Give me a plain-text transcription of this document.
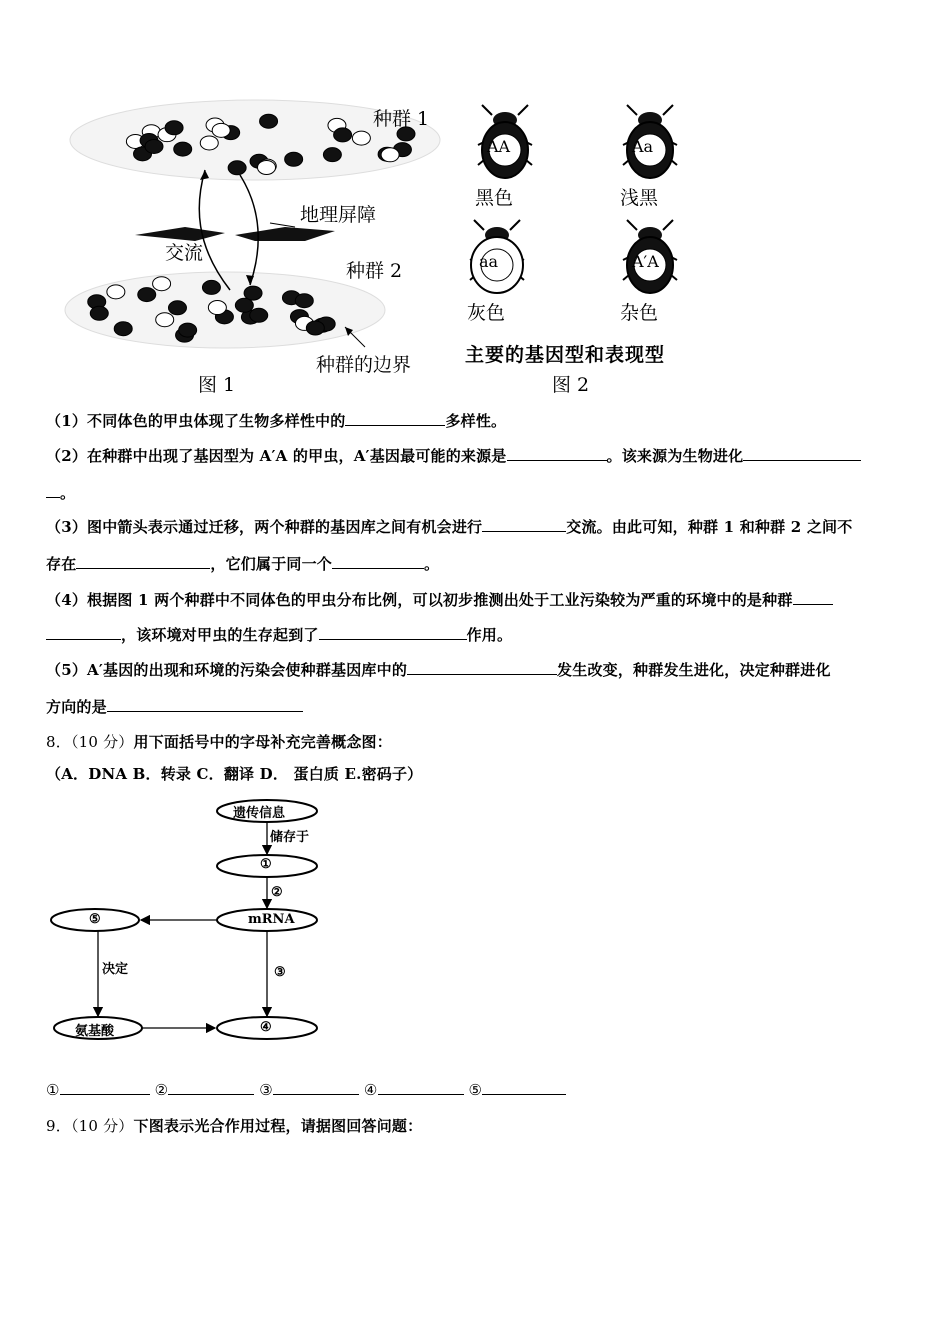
种群 1
地理屏障
交流
种群 2
种群的边界
图 1
AA
黑色
Aa
浅黑
aa
灰色
A′A
杂色
主要的基因型和表现型
图 2
（1）不同体色的甲虫体现了生物多样性中的	多样性。
（2）在种群中出现了基因型为 A′A 的甲虫，A′基因最可能的来源是	。该来源为生物进化
。
（3）图中箭头表示通过迁移，两个种群的基因库之间有机会进行	交流。由此可知，种群 1 和种群 2 之间不
存在	，它们属于同一个	。
（4）根据图 1 两个种群中不同体色的甲虫分布比例，可以初步推测出处于工业污染较为严重的环境中的是种群
，该环境对甲虫的生存起到了	作用。
（5）A′基因的出现和环境的污染会使种群基因库中的	发生改变，种群发生进化，决定种群进化
方向的是
8．（10 分）用下面括号中的字母补充完善概念图：
（A．DNA B．转录 C．翻译 D． 蛋白质 E.密码子）
遗传信息
储存于
①
②
mRNA
⑤
决定	③
氨基酸	④
①	②	③	④	⑤
9．（10 分）下图表示光合作用过程，请据图回答问题：
